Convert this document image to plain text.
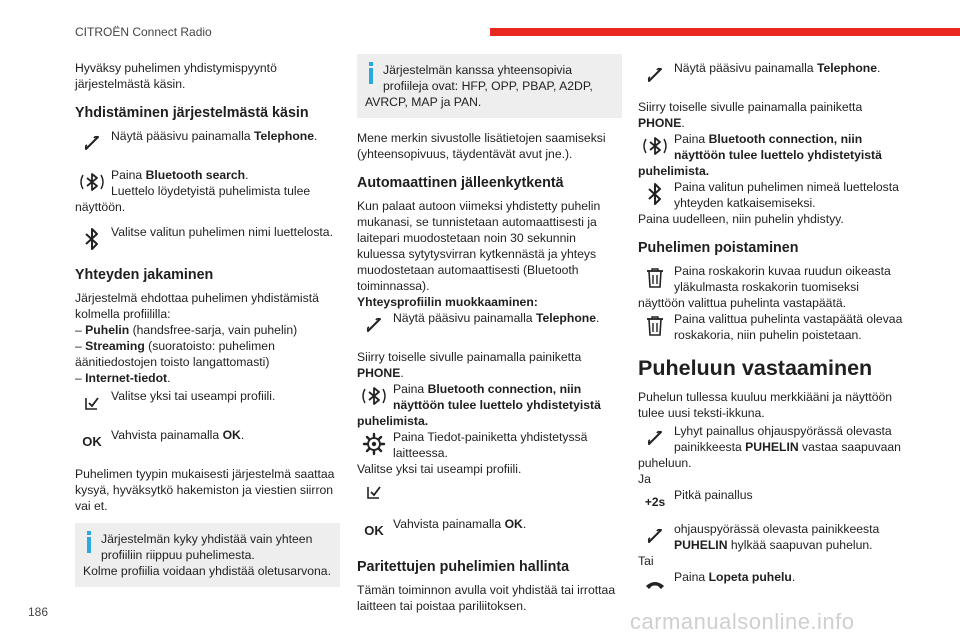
CITROËN Connect Radio

Hyväksy puhelimen yhdistymispyyntö järjestelmästä käsin.

Yhdistäminen järjestelmästä käsin
Näytä pääsivu painamalla Telephone.
Paina Bluetooth search.
Luettelo löydetyistä puhelimista tulee näyttöön.
Valitse valitun puhelimen nimi luettelosta.
Yhteyden jakaminen

Järjestelmä ehdottaa puhelimen yhdistämistä kolmella profiililla:

– Puhelin (handsfree-sarja, vain puhelin)
– Streaming (suoratoisto: puhelimen äänitiedostojen toisto langattomasti)
– Internet-tiedot.
Valitse yksi tai useampi profiili.
OK Vahvista painamalla OK.

Puhelimen tyypin mukaisesti järjestelmä saattaa kysyä, hyväksytkö hakemiston ja viestien siirron vai et.

Järjestelmän kyky yhdistää vain yhteen profiiliin riippuu puhelimesta.
Kolme profiilia voidaan yhdistää oletusarvona.
Järjestelmän kanssa yhteensopivia profiileja ovat: HFP, OPP, PBAP, A2DP, AVRCP, MAP ja PAN.

Mene merkin sivustolle lisätietojen saamiseksi (yhteensopivuus, täydentävät avut jne.).

Automaattinen jälleenkytkentä

Kun palaat autoon viimeksi yhdistetty puhelin mukanasi, se tunnistetaan automaattisesti ja laitepari muodostetaan noin 30 sekunnin kuluessa sytytysvirran kytkennästä ja yhteys muodostetaan automaattisesti (Bluetooth toiminnassa).

Yhteysprofiilin muokkaaminen:
Näytä pääsivu painamalla Telephone.

Siirry toiselle sivulle painamalla painiketta PHONE.

Paina Bluetooth connection, niin näyttöön tulee luettelo yhdistetyistä puhelimista.
Paina Tiedot-painiketta yhdistetyssä laitteessa.
Valitse yksi tai useampi profiili.
OK Vahvista painamalla OK.
Paritettujen puhelimien hallinta

Tämän toiminnon avulla voit yhdistää tai irrottaa laitteen tai poistaa pariliitoksen.

Näytä pääsivu painamalla Telephone.

Siirry toiselle sivulle painamalla painiketta PHONE.

Paina Bluetooth connection, niin näyttöön tulee luettelo yhdistetyistä puhelimista.
Paina valitun puhelimen nimeä luettelosta yhteyden katkaisemiseksi.

Paina uudelleen, niin puhelin yhdistyy.

Puhelimen poistaminen
Paina roskakorin kuvaa ruudun oikeasta yläkulmasta roskakorin tuomiseksi näyttöön valittua puhelinta vastapäätä.
Paina valittua puhelinta vastapäätä olevaa roskakoria, niin puhelin poistetaan.
Puheluun vastaaminen

Puhelun tullessa kuuluu merkkiääni ja näyttöön tulee uusi teksti-ikkuna.

Lyhyt painallus ohjauspyörässä olevasta painikkeesta PUHELIN vastaa saapuvaan puheluun.
Ja
+2s Pitkä painallus
ohjauspyörässä olevasta painikkeesta PUHELIN hylkää saapuvan puhelun.
Tai
Paina Lopeta puhelu.
186	carmanualsonline.info
